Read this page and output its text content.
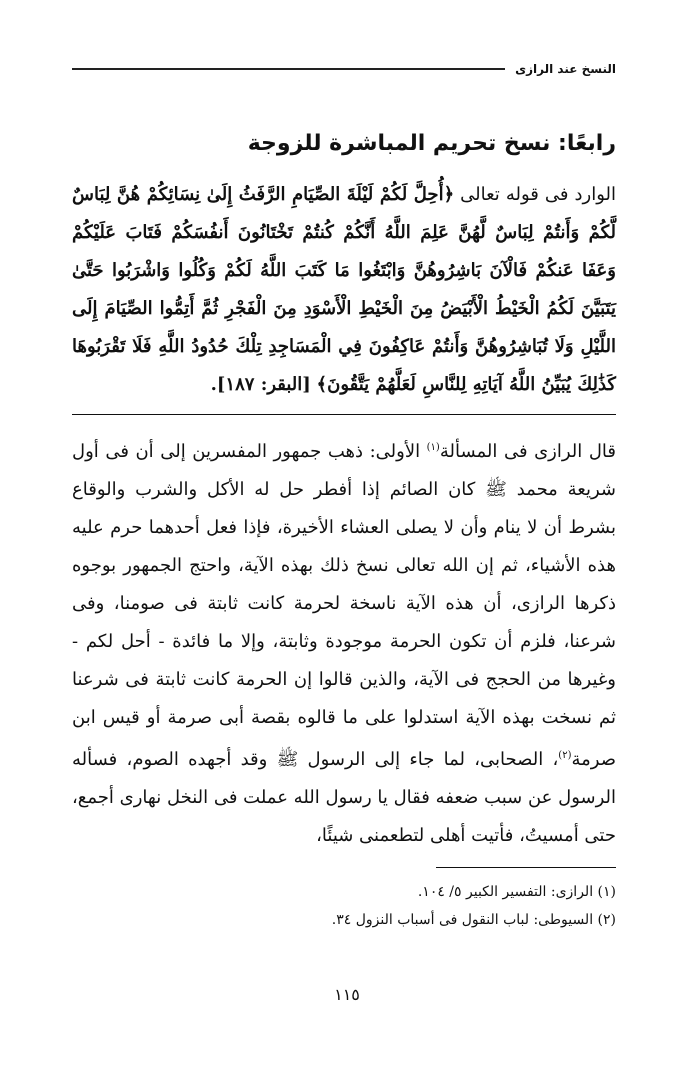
النسخ عند الرازى
رابعًا: نسخ تحريم المباشرة للزوجة

الوارد فى قوله تعالى ﴿أُحِلَّ لَكُمْ لَيْلَةَ الصِّيَامِ الرَّفَثُ إِلَىٰ نِسَائِكُمْ هُنَّ لِبَاسٌ لَّكُمْ وَأَنتُمْ لِبَاسٌ لَّهُنَّ عَلِمَ اللَّهُ أَنَّكُمْ كُنتُمْ تَخْتَانُونَ أَنفُسَكُمْ فَتَابَ عَلَيْكُمْ وَعَفَا عَنكُمْ فَالْآنَ بَاشِرُوهُنَّ وَابْتَغُوا مَا كَتَبَ اللَّهُ لَكُمْ وَكُلُوا وَاشْرَبُوا حَتَّىٰ يَتَبَيَّنَ لَكُمُ الْخَيْطُ الْأَبْيَضُ مِنَ الْخَيْطِ الْأَسْوَدِ مِنَ الْفَجْرِ ثُمَّ أَتِمُّوا الصِّيَامَ إِلَى اللَّيْلِ وَلَا تُبَاشِرُوهُنَّ وَأَنتُمْ عَاكِفُونَ فِي الْمَسَاجِدِ تِلْكَ حُدُودُ اللَّهِ فَلَا تَقْرَبُوهَا كَذَٰلِكَ يُبَيِّنُ اللَّهُ آيَاتِهِ لِلنَّاسِ لَعَلَّهُمْ يَتَّقُونَ﴾ [البقر: ١٨٧].

قال الرازى فى المسألة$^{(١)}$ الأولى: ذهب جمهور المفسرين إلى أن فى أول شريعة محمد ﷺ كان الصائم إذا أفطر حل له الأكل والشرب والوقاع بشرط أن لا ينام وأن لا يصلى العشاء الأخيرة، فإذا فعل أحدهما حرم عليه هذه الأشياء، ثم إن الله تعالى نسخ ذلك بهذه الآية، واحتج الجمهور بوجوه ذكرها الرازى، أن هذه الآية ناسخة لحرمة كانت ثابتة فى صومنا، وفى شرعنا، فلزم أن تكون الحرمة موجودة وثابتة، وإلا ما فائدة - أحل لكم - وغيرها من الحجج فى الآية، والذين قالوا إن الحرمة كانت ثابتة فى شرعنا ثم نسخت بهذه الآية استدلوا على ما قالوه بقصة أبى صرمة أو قيس ابن صرمة$^{(٢)}$، الصحابى، لما جاء إلى الرسول ﷺ وقد أجهده الصوم، فسأله الرسول عن سبب ضعفه فقال يا رسول الله عملت فى النخل نهارى أجمع، حتى أمسيتُ، فأتيت أهلى لتطعمنى شيئًا،

(١) الرازى: التفسير الكبير ٥/ ١٠٤.
(٢) السيوطى: لباب النقول فى أسباب النزول ٣٤.
١١٥
